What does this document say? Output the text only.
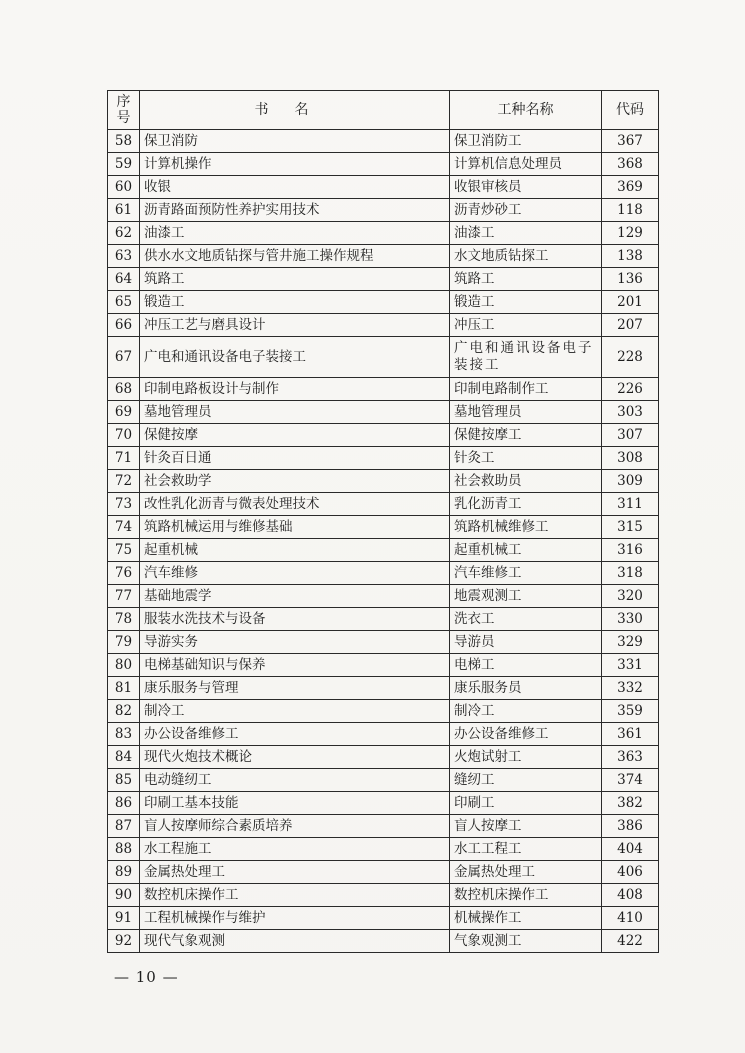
序号	书名	工种名称	代码
58	保卫消防	保卫消防工	367
59	计算机操作	计算机信息处理员	368
60	收银	收银审核员	369
61	沥青路面预防性养护实用技术	沥青炒砂工	118
62	油漆工	油漆工	129
63	供水水文地质钻探与管井施工操作规程	水文地质钻探工	138
64	筑路工	筑路工	136
65	锻造工	锻造工	201
66	冲压工艺与磨具设计	冲压工	207
67	广电和通讯设备电子装接工	广电和通讯设备电子装接工	228
68	印制电路板设计与制作	印制电路制作工	226
69	墓地管理员	墓地管理员	303
70	保健按摩	保健按摩工	307
71	针灸百日通	针灸工	308
72	社会救助学	社会救助员	309
73	改性乳化沥青与微表处理技术	乳化沥青工	311
74	筑路机械运用与维修基础	筑路机械维修工	315
75	起重机械	起重机械工	316
76	汽车维修	汽车维修工	318
77	基础地震学	地震观测工	320
78	服装水洗技术与设备	洗衣工	330
79	导游实务	导游员	329
80	电梯基础知识与保养	电梯工	331
81	康乐服务与管理	康乐服务员	332
82	制冷工	制冷工	359
83	办公设备维修工	办公设备维修工	361
84	现代火炮技术概论	火炮试射工	363
85	电动缝纫工	缝纫工	374
86	印刷工基本技能	印刷工	382
87	盲人按摩师综合素质培养	盲人按摩工	386
88	水工程施工	水工工程工	404
89	金属热处理工	金属热处理工	406
90	数控机床操作工	数控机床操作工	408
91	工程机械操作与维护	机械操作工	410
92	现代气象观测	气象观测工	422
— 10 —
